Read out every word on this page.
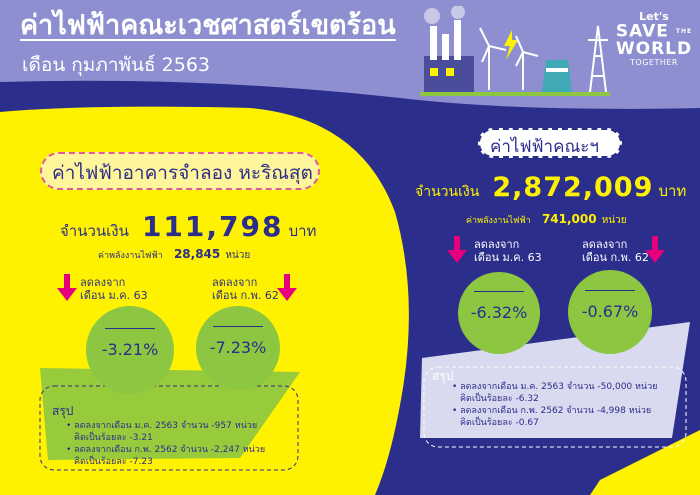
ค่าไฟฟ้าคณะเวชศาสตร์เขตร้อน
เดือน กุมภาพันธ์ 2563
Let's
SAVE THE
WORLD
TOGETHER
ค่าไฟฟ้าอาคารจำลอง หะริณสุต
จำนวนเงิน 111,798 บาท
ค่าพลังงานไฟฟ้า 28,845 หน่วย
ลดลงจาก
เดือน ม.ค. 63
ลดลงจาก
เดือน ก.พ. 62
-3.21%	-7.23%
สรุป
• ลดลงจากเดือน ม.ค. 2563 จำนวน -957 หน่วย
คิดเป็นร้อยละ -3.21
• ลดลงจากเดือน ก.พ. 2562 จำนวน -2,247 หน่วย
คิดเป็นร้อยละ -7.23
ค่าไฟฟ้าคณะฯ
จำนวนเงิน 2,872,009 บาท
ค่าพลังงานไฟฟ้า 741,000 หน่วย
ลดลงจาก
เดือน ม.ค. 63
ลดลงจาก
เดือน ก.พ. 62
-6.32%	-0.67%
สรุป
• ลดลงจากเดือน ม.ค. 2563 จำนวน -50,000 หน่วย
คิดเป็นร้อยละ -6.32
• ลดลงจากเดือน ก.พ. 2562 จำนวน -4,998 หน่วย
คิดเป็นร้อยละ -0.67
